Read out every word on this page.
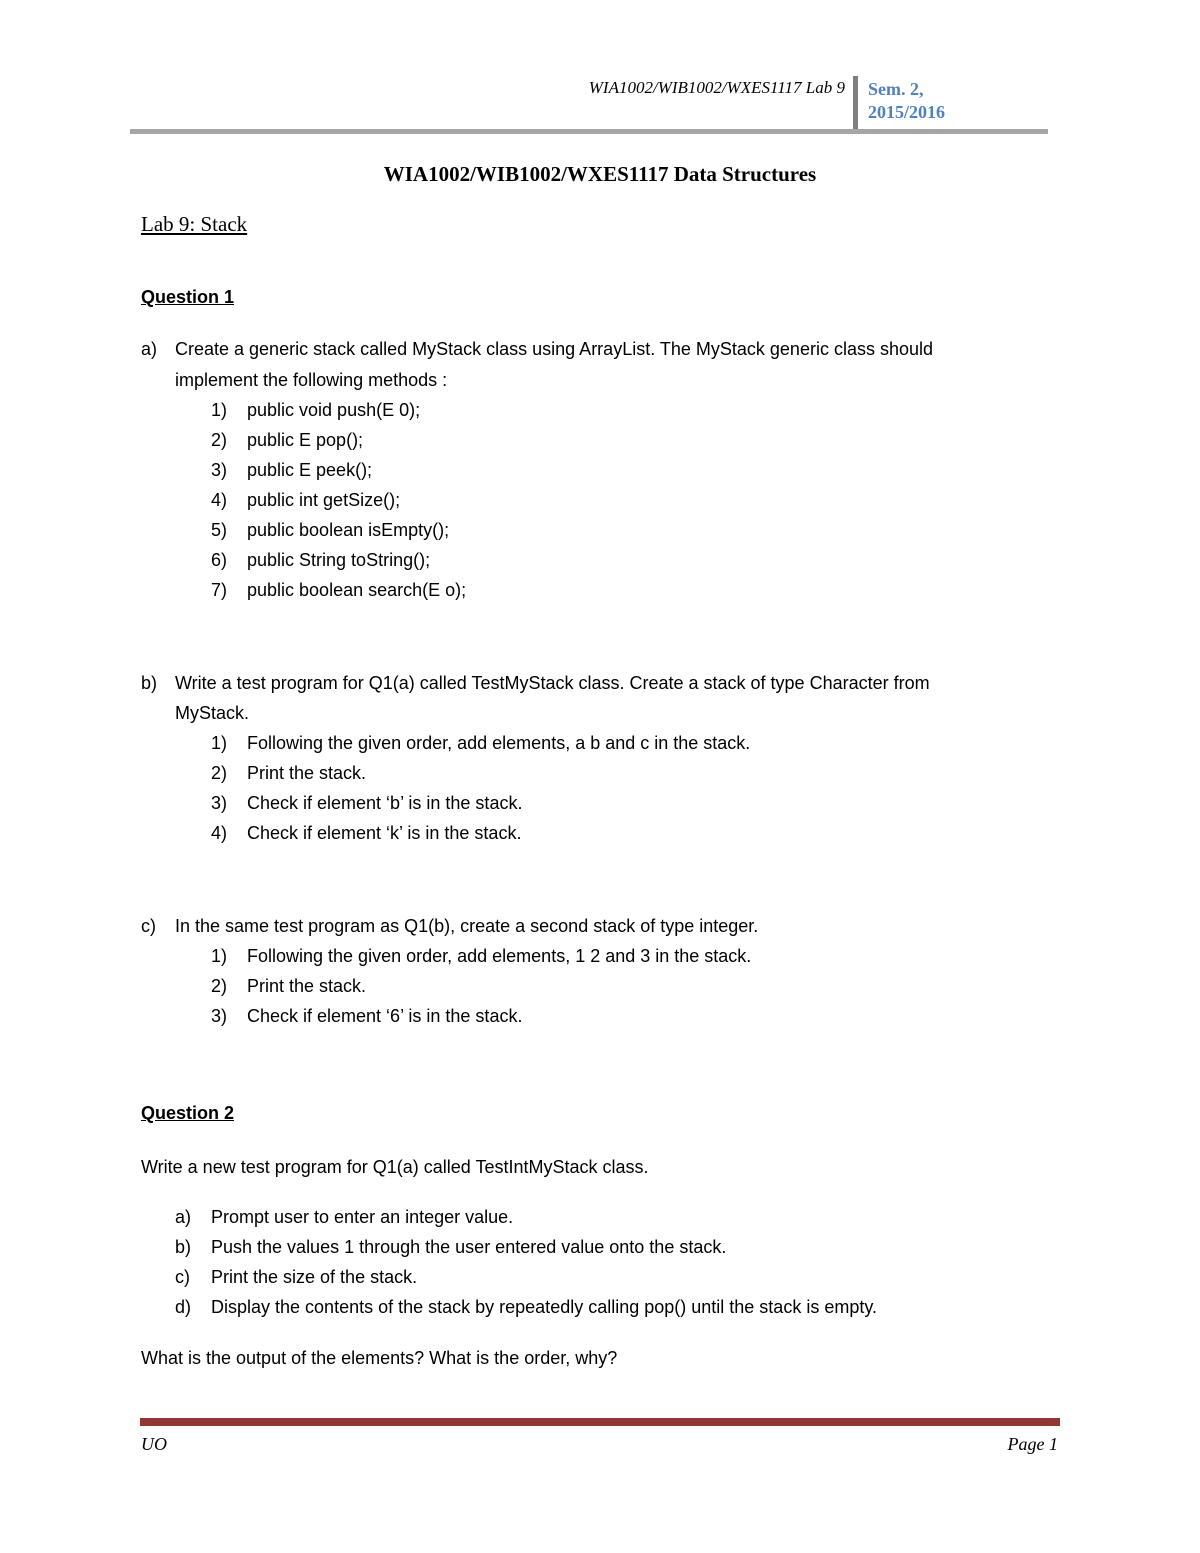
WIA1002/WIB1002/WXES1117 Lab 9 Sem. 2,
2015/2016
WIA1002/WIB1002/WXES1117 Data Structures
Lab 9: Stack
Question 1
a) Create a generic stack called MyStack class using ArrayList. The MyStack generic class should
implement the following methods :
1) public void push(E 0);
2) public E pop();
3) public E peek();
4) public int getSize();
5) public boolean isEmpty();
6) public String toString();
7) public boolean search(E o);
b) Write a test program for Q1(a) called TestMyStack class. Create a stack of type Character from
MyStack.
1) Following the given order, add elements, a b and c in the stack.
2) Print the stack.
3) Check if element ‘b’ is in the stack.
4) Check if element ‘k’ is in the stack.
c) In the same test program as Q1(b), create a second stack of type integer.
1) Following the given order, add elements, 1 2 and 3 in the stack.
2) Print the stack.
3) Check if element ‘6’ is in the stack.
Question 2
Write a new test program for Q1(a) called TestIntMyStack class.
a) Prompt user to enter an integer value.
b) Push the values 1 through the user entered value onto the stack.
c) Print the size of the stack.
d) Display the contents of the stack by repeatedly calling pop() until the stack is empty.
What is the output of the elements? What is the order, why?
UO	Page 1
